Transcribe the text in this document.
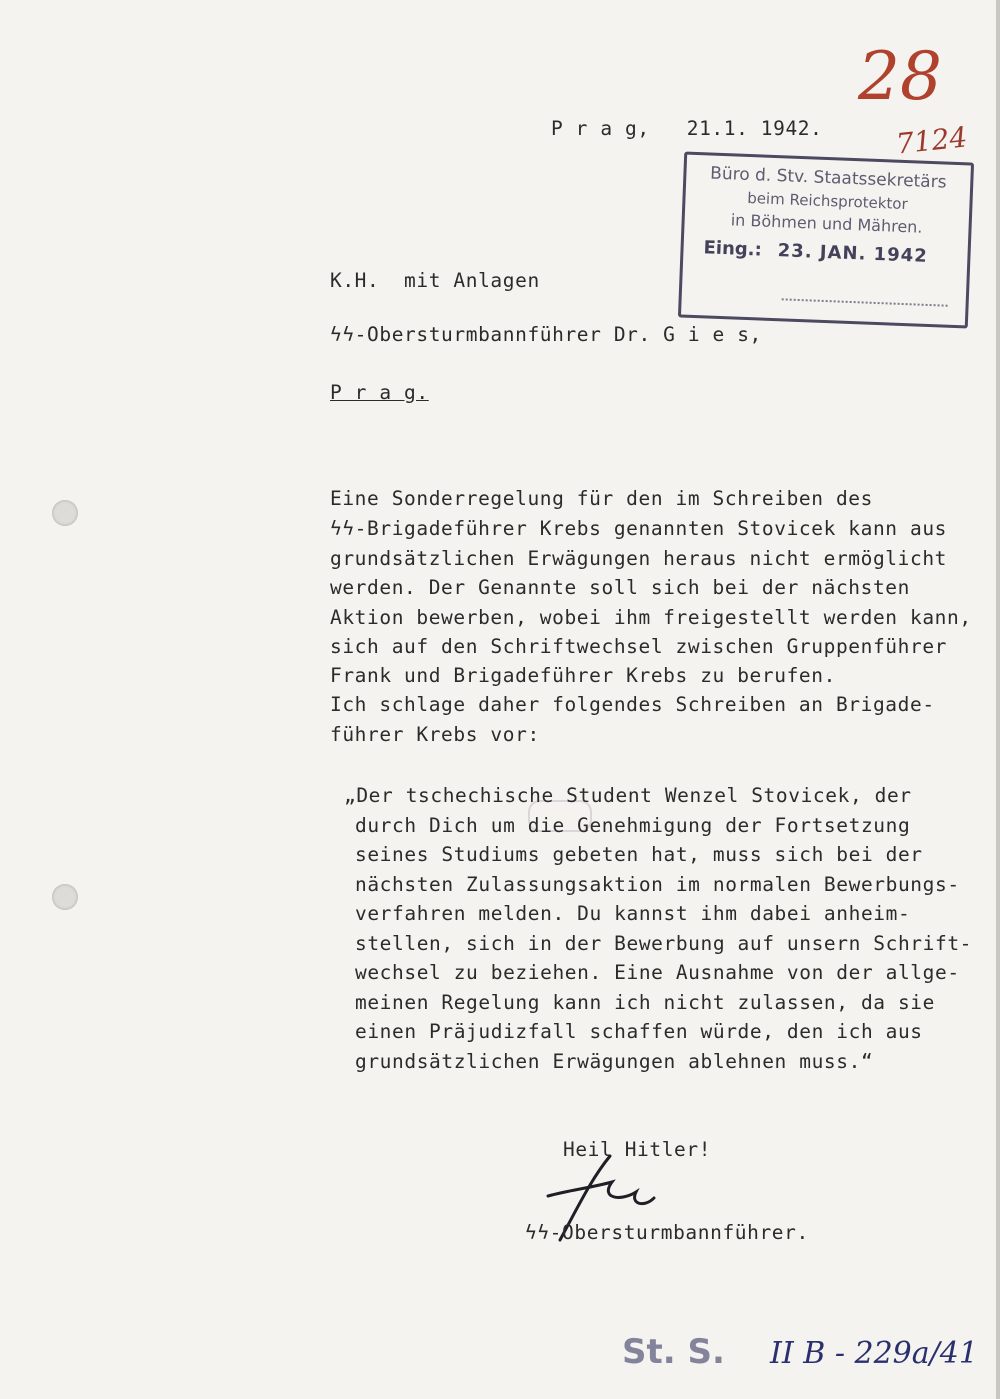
28
7124
P r a g,   21.1. 1942.
Büro d. Stv. Staatssekretärs
beim Reichsprotektor
in Böhmen und Mähren.
Eing.: 23. JAN. 1942
K.H.  mit Anlagen
ϟϟ-Obersturmbannführer Dr. G i e s,
P r a g.
Eine Sonderregelung für den im Schreiben des
ϟϟ-Brigadeführer Krebs genannten Stovicek kann aus
grundsätzlichen Erwägungen heraus nicht ermöglicht
werden. Der Genannte soll sich bei der nächsten
Aktion bewerben, wobei ihm freigestellt werden kann,
sich auf den Schriftwechsel zwischen Gruppenführer
Frank und Brigadeführer Krebs zu berufen.
Ich schlage daher folgendes Schreiben an Brigade-
führer Krebs vor:
„Der tschechische Student Wenzel Stovicek, der
durch Dich um die Genehmigung der Fortsetzung
seines Studiums gebeten hat, muss sich bei der
nächsten Zulassungsaktion im normalen Bewerbungs-
verfahren melden. Du kannst ihm dabei anheim-
stellen, sich in der Bewerbung auf unsern Schrift-
wechsel zu beziehen. Eine Ausnahme von der allge-
meinen Regelung kann ich nicht zulassen, da sie
einen Präjudizfall schaffen würde, den ich aus
grundsätzlichen Erwägungen ablehnen muss.“
Heil Hitler!
ϟϟ-Obersturmbannführer.
St. S. II B - 229a/41
